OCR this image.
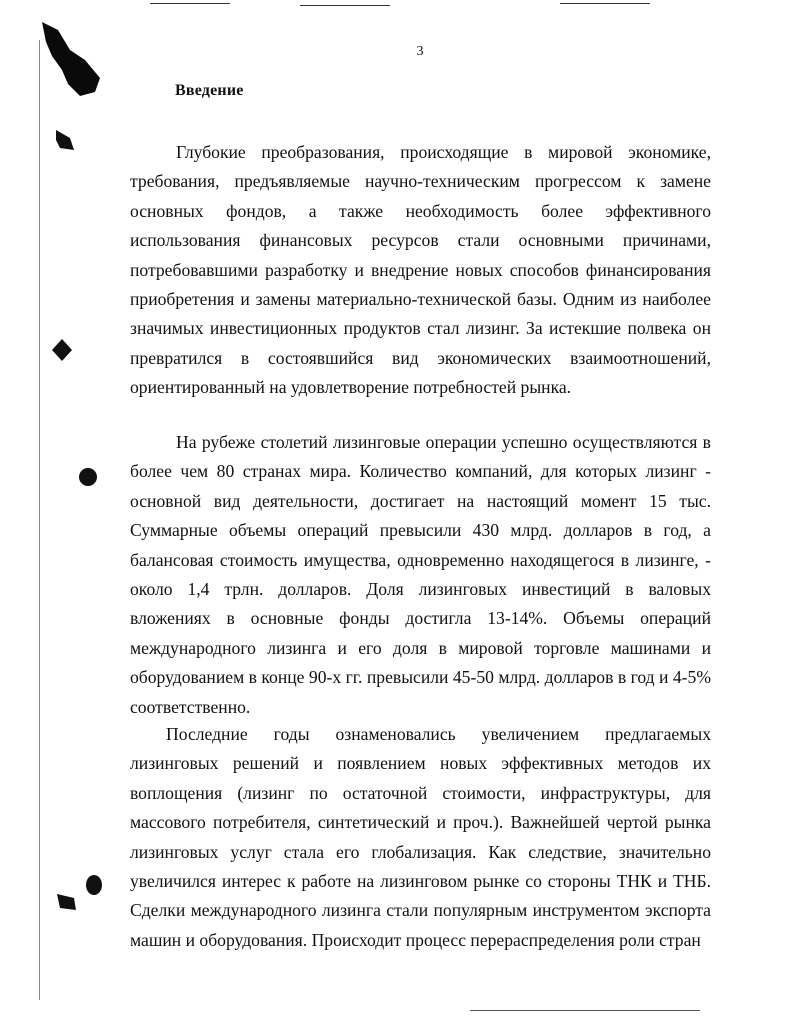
3
Введение

Глубокие преобразования, происходящие в мировой экономике, требования, предъявляемые научно-техническим прогрессом к замене основных фондов, а также необходимость более эффективного использования финансовых ресурсов стали основными причинами, потребовавшими разработку и внедрение новых способов финансирования приобретения и замены материально-технической базы. Одним из наиболее значимых инвестиционных продуктов стал лизинг. За истекшие полвека он превратился в состоявшийся вид экономических взаимоотношений, ориентированный на удовлетворение потребностей рынка.

На рубеже столетий лизинговые операции успешно осуществляются в более чем 80 странах мира. Количество компаний, для которых лизинг - основной вид деятельности, достигает на настоящий момент 15 тыс. Суммарные объемы операций превысили 430 млрд. долларов в год, а балансовая стоимость имущества, одновременно находящегося в лизинге, - около 1,4 трлн. долларов. Доля лизинговых инвестиций в валовых вложениях в основные фонды достигла 13-14%. Объемы операций международного лизинга и его доля в мировой торговле машинами и оборудованием в конце 90-х гг. превысили 45-50 млрд. долларов в год и 4-5% соответственно.

Последние годы ознаменовались увеличением предлагаемых лизинговых решений и появлением новых эффективных методов их воплощения (лизинг по остаточной стоимости, инфраструктуры, для массового потребителя, синтетический и проч.). Важнейшей чертой рынка лизинговых услуг стала его глобализация. Как следствие, значительно увеличился интерес к работе на лизинговом рынке со стороны ТНК и ТНБ. Сделки международного лизинга стали популярным инструментом экспорта машин и оборудования. Происходит процесс перераспределения роли стран
